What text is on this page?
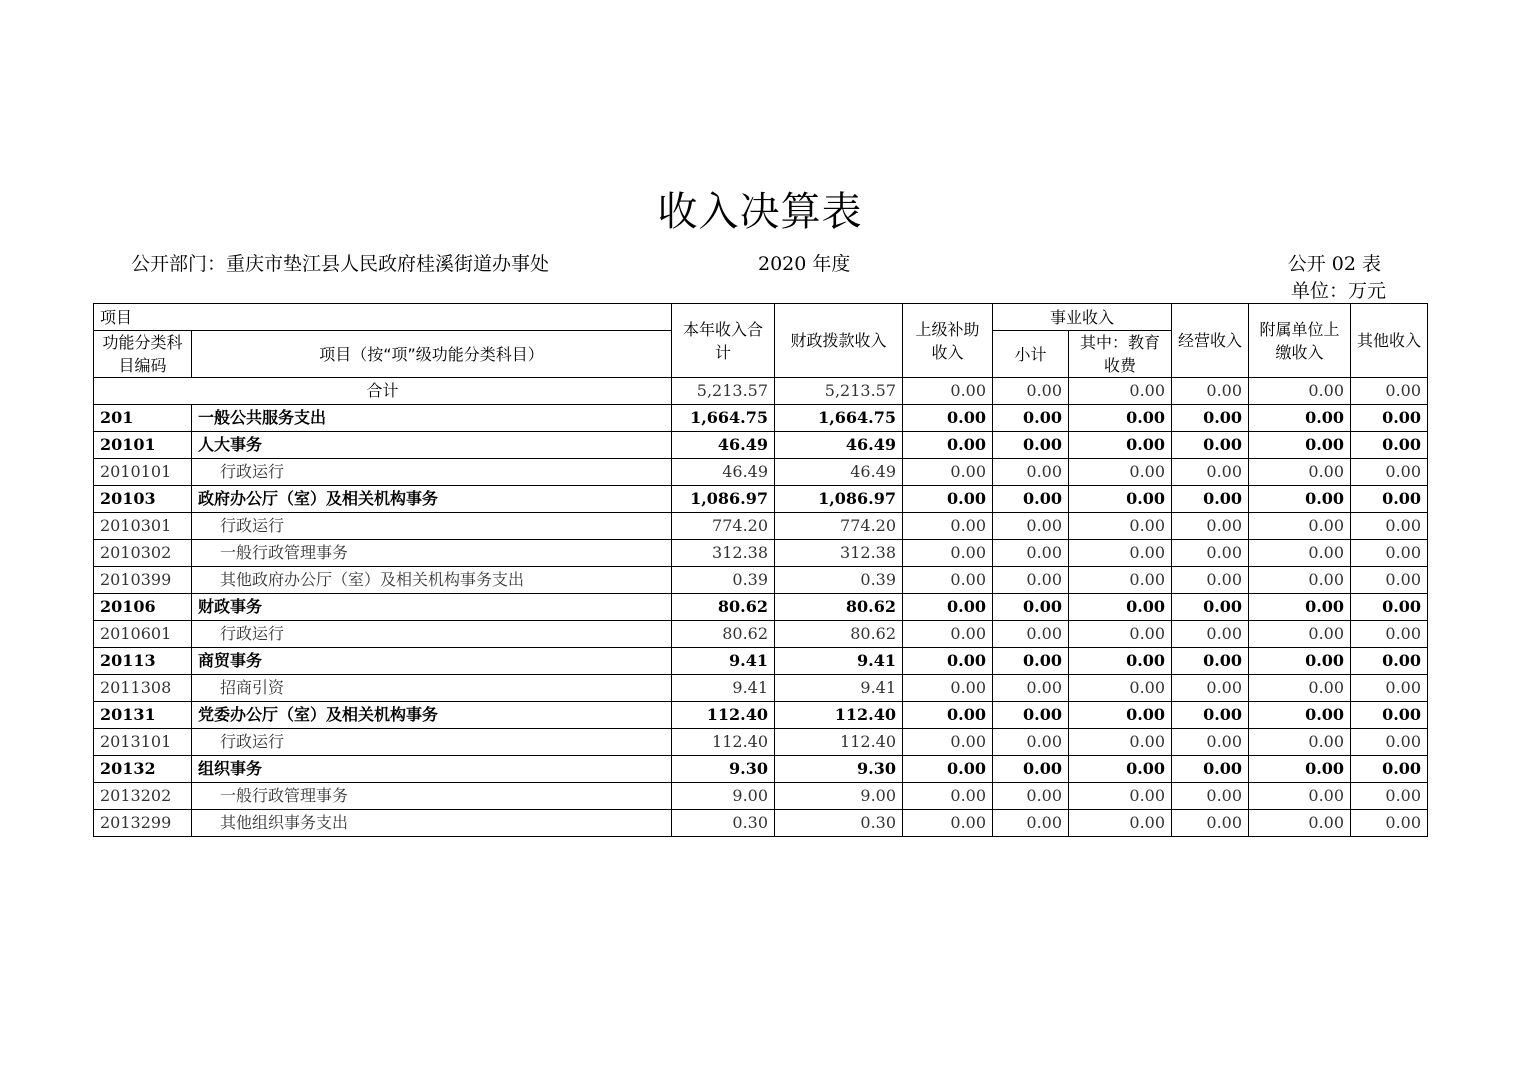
收入决算表
公开部门：重庆市垫江县人民政府桂溪街道办事处	2020 年度	公开 02 表
单位：万元
项目		本年收入合计	财政拨款收入	上级补助收入	事业收入		经营收入	附属单位上缴收入	其他收入
功能分类科目编码	项目（按“项”级功能分类科目）								
					小计	其中：教育收费			
合计		5,213.57	5,213.57	0.00	0.00	0.00	0.00	0.00	0.00
201	一般公共服务支出	1,664.75	1,664.75	0.00	0.00	0.00	0.00	0.00	0.00
20101	人大事务	46.49	46.49	0.00	0.00	0.00	0.00	0.00	0.00
2010101	行政运行	46.49	46.49	0.00	0.00	0.00	0.00	0.00	0.00
20103	政府办公厅（室）及相关机构事务	1,086.97	1,086.97	0.00	0.00	0.00	0.00	0.00	0.00
2010301	行政运行	774.20	774.20	0.00	0.00	0.00	0.00	0.00	0.00
2010302	一般行政管理事务	312.38	312.38	0.00	0.00	0.00	0.00	0.00	0.00
2010399	其他政府办公厅（室）及相关机构事务支出	0.39	0.39	0.00	0.00	0.00	0.00	0.00	0.00
20106	财政事务	80.62	80.62	0.00	0.00	0.00	0.00	0.00	0.00
2010601	行政运行	80.62	80.62	0.00	0.00	0.00	0.00	0.00	0.00
20113	商贸事务	9.41	9.41	0.00	0.00	0.00	0.00	0.00	0.00
2011308	招商引资	9.41	9.41	0.00	0.00	0.00	0.00	0.00	0.00
20131	党委办公厅（室）及相关机构事务	112.40	112.40	0.00	0.00	0.00	0.00	0.00	0.00
2013101	行政运行	112.40	112.40	0.00	0.00	0.00	0.00	0.00	0.00
20132	组织事务	9.30	9.30	0.00	0.00	0.00	0.00	0.00	0.00
2013202	一般行政管理事务	9.00	9.00	0.00	0.00	0.00	0.00	0.00	0.00
2013299	其他组织事务支出	0.30	0.30	0.00	0.00	0.00	0.00	0.00	0.00
